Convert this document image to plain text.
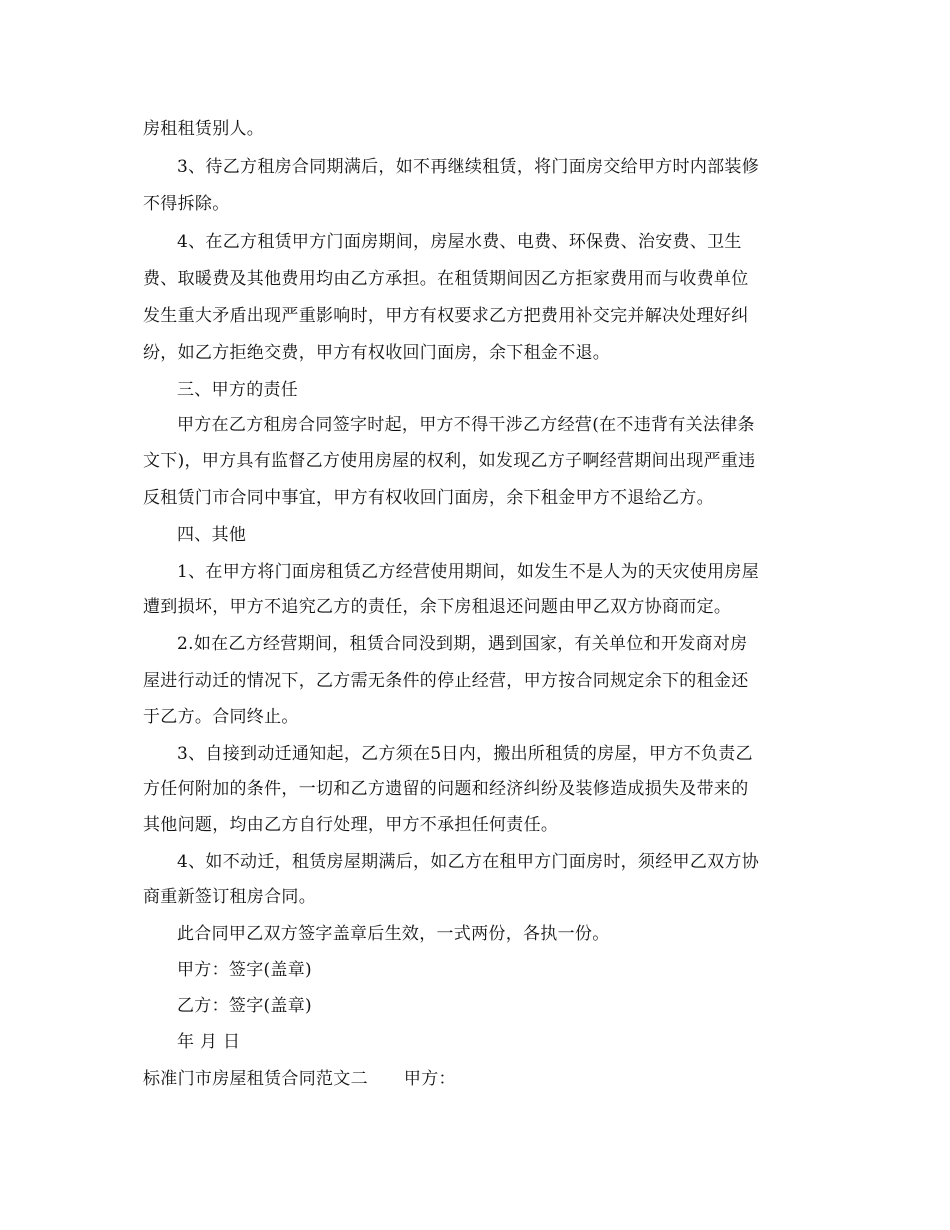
房租租赁别人。
3、待乙方租房合同期满后，如不再继续租赁，将门面房交给甲方时内部装修
不得拆除。
4、在乙方租赁甲方门面房期间，房屋水费、电费、环保费、治安费、卫生
费、取暖费及其他费用均由乙方承担。在租赁期间因乙方拒家费用而与收费单位
发生重大矛盾出现严重影响时，甲方有权要求乙方把费用补交完并解决处理好纠
纷，如乙方拒绝交费，甲方有权收回门面房，余下租金不退。
三、甲方的责任
甲方在乙方租房合同签字时起，甲方不得干涉乙方经营(在不违背有关法律条
文下)，甲方具有监督乙方使用房屋的权利，如发现乙方子啊经营期间出现严重违
反租赁门市合同中事宜，甲方有权收回门面房，余下租金甲方不退给乙方。
四、其他
1、在甲方将门面房租赁乙方经营使用期间，如发生不是人为的天灾使用房屋
遭到损坏，甲方不追究乙方的责任，余下房租退还问题由甲乙双方协商而定。
2.如在乙方经营期间，租赁合同没到期，遇到国家，有关单位和开发商对房
屋进行动迁的情况下，乙方需无条件的停止经营，甲方按合同规定余下的租金还
于乙方。合同终止。
3、自接到动迁通知起，乙方须在5日内，搬出所租赁的房屋，甲方不负责乙
方任何附加的条件，一切和乙方遗留的问题和经济纠纷及装修造成损失及带来的
其他问题，均由乙方自行处理，甲方不承担任何责任。
4、如不动迁，租赁房屋期满后，如乙方在租甲方门面房时，须经甲乙双方协
商重新签订租房合同。
此合同甲乙双方签字盖章后生效，一式两份，各执一份。
甲方：签字(盖章)
乙方：签字(盖章)
年 月 日
标准门市房屋租赁合同范文二 甲方：
